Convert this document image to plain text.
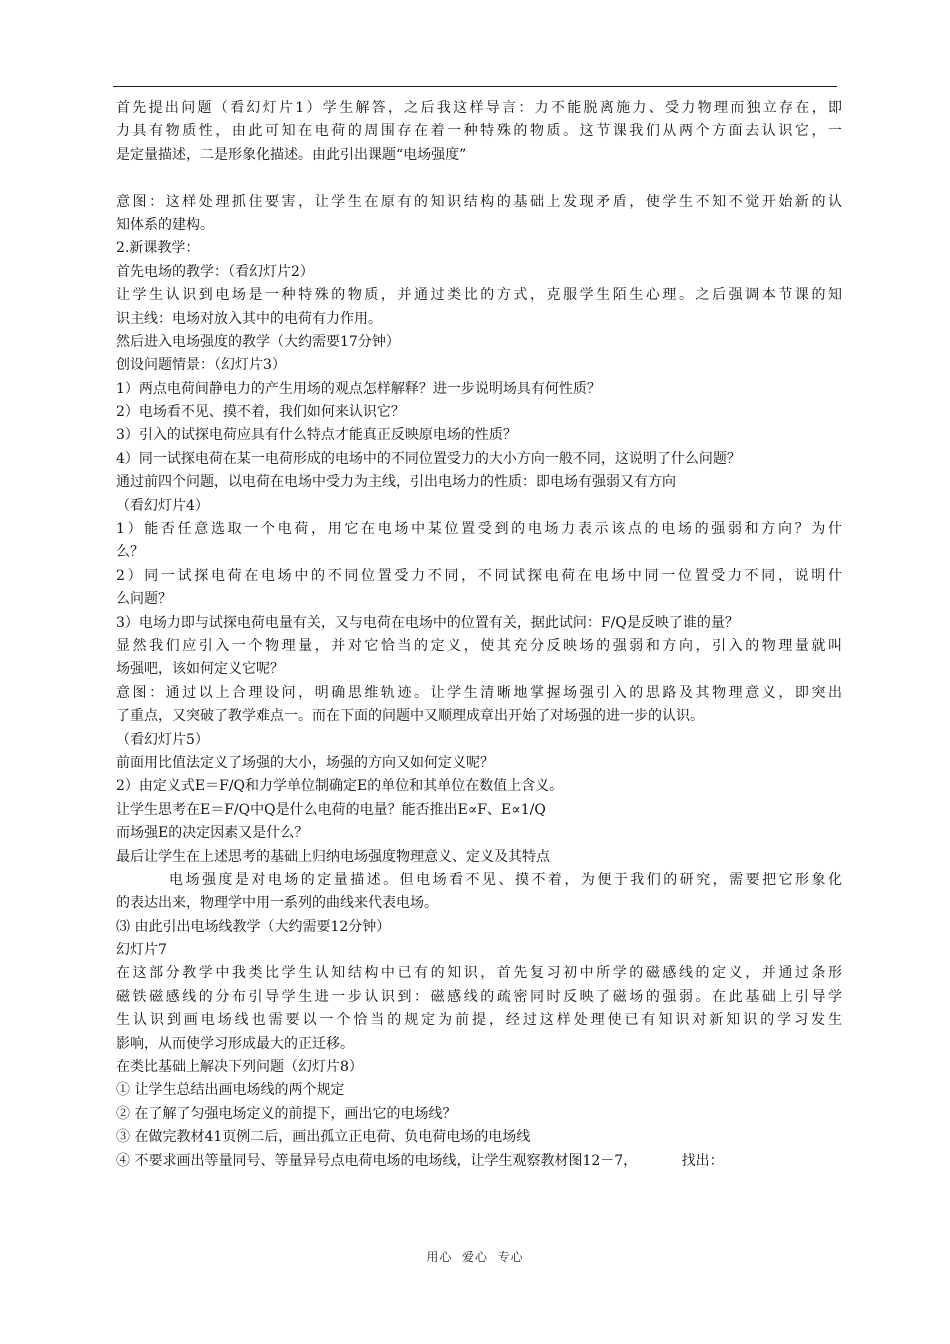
首先提出问题（看幻灯片1）学生解答，之后我这样导言：力不能脱离施力、受力物理而独立存在，即
力具有物质性，由此可知在电荷的周围存在着一种特殊的物质。这节课我们从两个方面去认识它，一
是定量描述，二是形象化描述。由此引出课题“电场强度”
意图：这样处理抓住要害，让学生在原有的知识结构的基础上发现矛盾，使学生不知不觉开始新的认
知体系的建构。
2.新课教学：
首先电场的教学：（看幻灯片2）
让学生认识到电场是一种特殊的物质，并通过类比的方式，克服学生陌生心理。之后强调本节课的知
识主线：电场对放入其中的电荷有力作用。
然后进入电场强度的教学（大约需要17分钟）
创设问题情景：（幻灯片3）
1）两点电荷间静电力的产生用场的观点怎样解释？进一步说明场具有何性质？
2）电场看不见、摸不着，我们如何来认识它？
3）引入的试探电荷应具有什么特点才能真正反映原电场的性质？
4）同一试探电荷在某一电荷形成的电场中的不同位置受力的大小方向一般不同，这说明了什么问题？
通过前四个问题，以电荷在电场中受力为主线，引出电场力的性质：即电场有强弱又有方向
（看幻灯片4）
1）能否任意选取一个电荷，用它在电场中某位置受到的电场力表示该点的电场的强弱和方向？为什
么？
2）同一试探电荷在电场中的不同位置受力不同，不同试探电荷在电场中同一位置受力不同，说明什
么问题？
3）电场力即与试探电荷电量有关，又与电荷在电场中的位置有关，据此试问：F/Q是反映了谁的量？
显然我们应引入一个物理量，并对它恰当的定义，使其充分反映场的强弱和方向，引入的物理量就叫
场强吧，该如何定义它呢？
意图：通过以上合理设问，明确思维轨迹。让学生清晰地掌握场强引入的思路及其物理意义，即突出
了重点，又突破了教学难点一。而在下面的问题中又顺理成章出开始了对场强的进一步的认识。
（看幻灯片5）
前面用比值法定义了场强的大小，场强的方向又如何定义呢？
2）由定义式E＝F/Q和力学单位制确定E的单位和其单位在数值上含义。
让学生思考在E＝F/Q中Q是什么电荷的电量？能否推出E∝F、E∝1/Q
而场强E的决定因素又是什么？
最后让学生在上述思考的基础上归纳电场强度物理意义、定义及其特点
电场强度是对电场的定量描述。但电场看不见、摸不着，为便于我们的研究，需要把它形象化
的表达出来，物理学中用一系列的曲线来代表电场。
⑶ 由此引出电场线教学（大约需要12分钟）
幻灯片7
在这部分教学中我类比学生认知结构中已有的知识，首先复习初中所学的磁感线的定义，并通过条形
磁铁磁感线的分布引导学生进一步认识到：磁感线的疏密同时反映了磁场的强弱。在此基础上引导学
生认识到画电场线也需要以一个恰当的规定为前提，经过这样处理使已有知识对新知识的学习发生
影响，从而使学习形成最大的正迁移。
在类比基础上解决下列问题（幻灯片8）
① 让学生总结出画电场线的两个规定
② 在了解了匀强电场定义的前提下，画出它的电场线？
③ 在做完教材41页例二后，画出孤立正电荷、负电荷电场的电场线
④ 不要求画出等量同号、等量异号点电荷电场的电场线，让学生观察教材图12－7，          找出：
用心  爱心  专心
